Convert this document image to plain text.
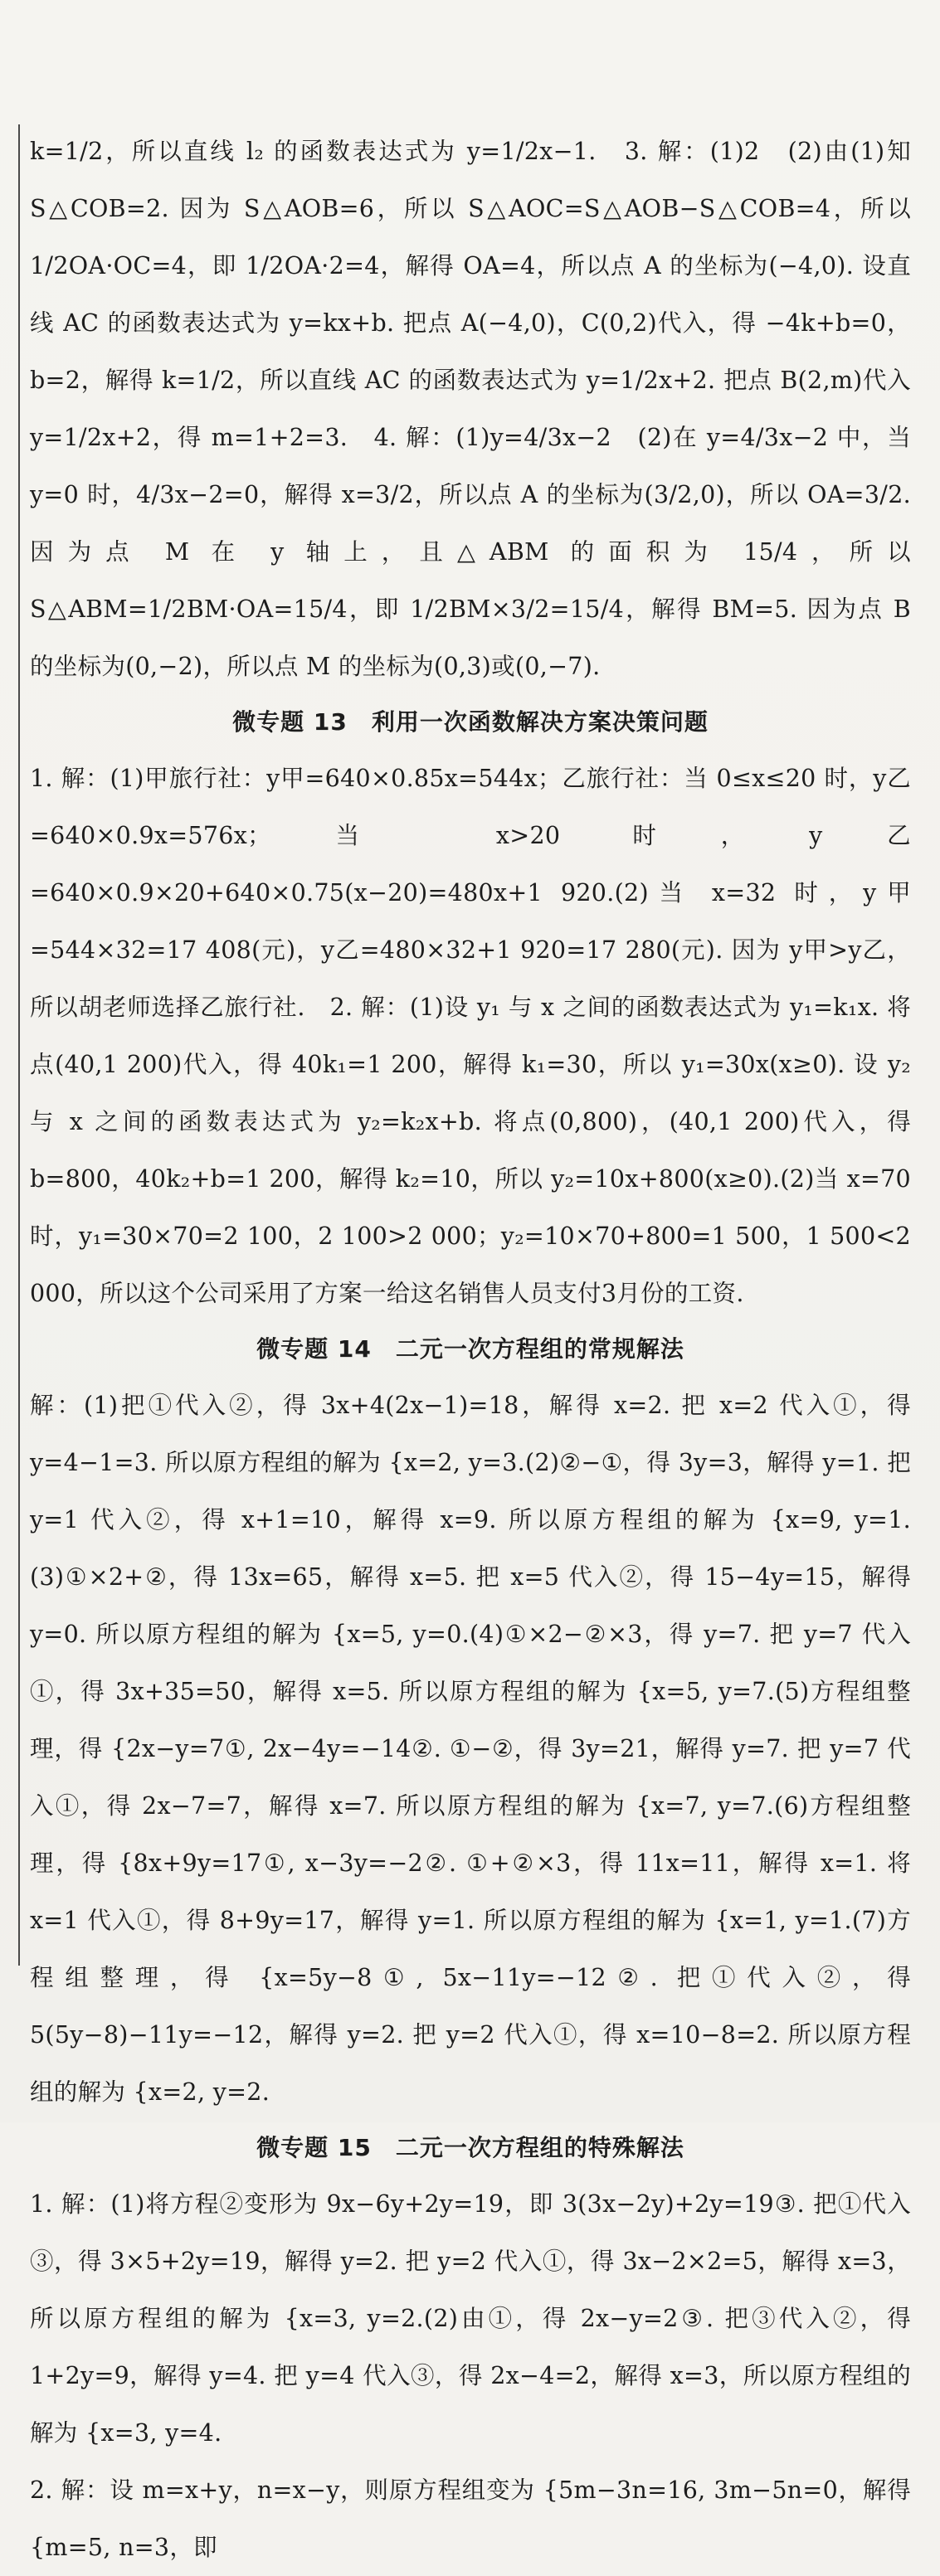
k=1/2，所以直线 l₂ 的函数表达式为 y=1/2x−1.　3. 解：(1)2　(2)由(1)知 S△COB=2. 因为 S△AOB=6，所以 S△AOC=S△AOB−S△COB=4，所以 1/2OA·OC=4，即 1/2OA·2=4，解得 OA=4，所以点 A 的坐标为(−4,0). 设直线 AC 的函数表达式为 y=kx+b. 把点 A(−4,0)，C(0,2)代入，得 −4k+b=0，b=2，解得 k=1/2，所以直线 AC 的函数表达式为 y=1/2x+2. 把点 B(2,m)代入 y=1/2x+2，得 m=1+2=3.　4. 解：(1)y=4/3x−2　(2)在 y=4/3x−2 中，当 y=0 时，4/3x−2=0，解得 x=3/2，所以点 A 的坐标为(3/2,0)，所以 OA=3/2. 因为点 M 在 y 轴上，且△ABM 的面积为 15/4，所以 S△ABM=1/2BM·OA=15/4，即 1/2BM×3/2=15/4，解得 BM=5. 因为点 B 的坐标为(0,−2)，所以点 M 的坐标为(0,3)或(0,−7).

微专题 13　利用一次函数解决方案决策问题

1. 解：(1)甲旅行社：y甲=640×0.85x=544x；乙旅行社：当 0≤x≤20 时，y乙=640×0.9x=576x；当 x>20 时，y乙=640×0.9×20+640×0.75(x−20)=480x+1 920.(2)当 x=32 时，y甲=544×32=17 408(元)，y乙=480×32+1 920=17 280(元). 因为 y甲>y乙，所以胡老师选择乙旅行社.　2. 解：(1)设 y₁ 与 x 之间的函数表达式为 y₁=k₁x. 将点(40,1 200)代入，得 40k₁=1 200，解得 k₁=30，所以 y₁=30x(x≥0). 设 y₂ 与 x 之间的函数表达式为 y₂=k₂x+b. 将点(0,800)，(40,1 200)代入，得 b=800，40k₂+b=1 200，解得 k₂=10，所以 y₂=10x+800(x≥0).(2)当 x=70 时，y₁=30×70=2 100，2 100>2 000；y₂=10×70+800=1 500，1 500<2 000，所以这个公司采用了方案一给这名销售人员支付3月份的工资.

微专题 14　二元一次方程组的常规解法

解：(1)把①代入②，得 3x+4(2x−1)=18，解得 x=2. 把 x=2 代入①，得 y=4−1=3. 所以原方程组的解为 {x=2, y=3.(2)②−①，得 3y=3，解得 y=1. 把 y=1 代入②，得 x+1=10，解得 x=9. 所以原方程组的解为 {x=9, y=1.(3)①×2+②，得 13x=65，解得 x=5. 把 x=5 代入②，得 15−4y=15，解得 y=0. 所以原方程组的解为 {x=5, y=0.(4)①×2−②×3，得 y=7. 把 y=7 代入①，得 3x+35=50，解得 x=5. 所以原方程组的解为 {x=5, y=7.(5)方程组整理，得 {2x−y=7①, 2x−4y=−14②. ①−②，得 3y=21，解得 y=7. 把 y=7 代入①，得 2x−7=7，解得 x=7. 所以原方程组的解为 {x=7, y=7.(6)方程组整理，得 {8x+9y=17①, x−3y=−2②. ①+②×3，得 11x=11，解得 x=1. 将 x=1 代入①，得 8+9y=17，解得 y=1. 所以原方程组的解为 {x=1, y=1.(7)方程组整理，得 {x=5y−8①, 5x−11y=−12②. 把①代入②，得 5(5y−8)−11y=−12，解得 y=2. 把 y=2 代入①，得 x=10−8=2. 所以原方程组的解为 {x=2, y=2.

微专题 15　二元一次方程组的特殊解法

1. 解：(1)将方程②变形为 9x−6y+2y=19，即 3(3x−2y)+2y=19③. 把①代入③，得 3×5+2y=19，解得 y=2. 把 y=2 代入①，得 3x−2×2=5，解得 x=3，所以原方程组的解为 {x=3, y=2.(2)由①，得 2x−y=2③. 把③代入②，得 1+2y=9，解得 y=4. 把 y=4 代入③，得 2x−4=2，解得 x=3，所以原方程组的解为 {x=3, y=4.

2. 解：设 m=x+y，n=x−y，则原方程组变为 {5m−3n=16, 3m−5n=0，解得 {m=5, n=3，即
